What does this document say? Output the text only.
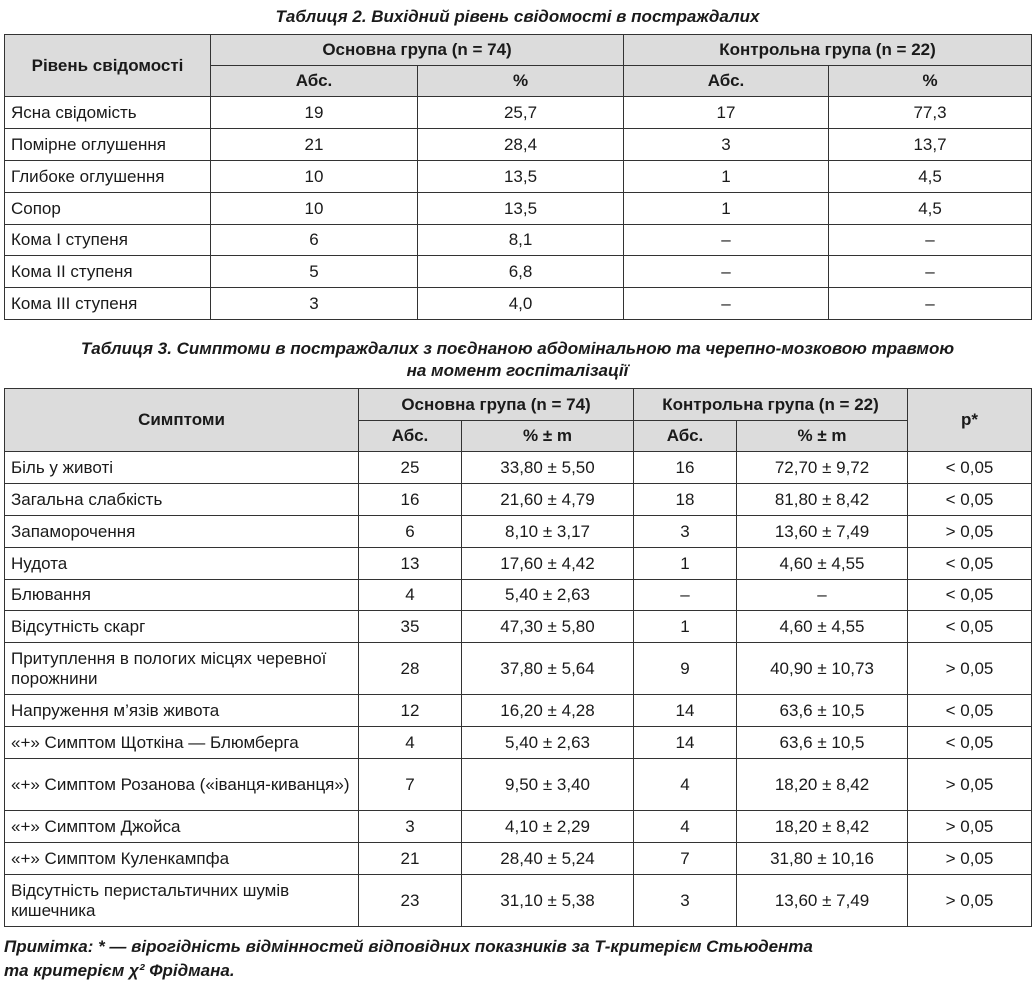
Таблиця 2. Вихідний рівень свідомості в постраждалих
Рівень свідомості	Основна група (n = 74)		Контрольна група (n = 22)	
	Абс.	%	Абс.	%
Ясна свідомість	19	25,7	17	77,3
Помірне оглушення	21	28,4	3	13,7
Глибоке оглушення	10	13,5	1	4,5
Сопор	10	13,5	1	4,5
Кома І ступеня	6	8,1	–	–
Кома ІІ ступеня	5	6,8	–	–
Кома ІІІ ступеня	3	4,0	–	–
Таблиця 3. Симптоми в постраждалих з поєднаною абдомінальною та черепно-мозковою травмою
на момент госпіталізації
Симптоми	Основна група (n = 74)		Контрольна група (n = 22)		p*
	Абс.	% ± m	Абс.	% ± m	
Біль у животі	25	33,80 ± 5,50	16	72,70 ± 9,72	< 0,05
Загальна слабкість	16	21,60 ± 4,79	18	81,80 ± 8,42	< 0,05
Запаморочення	6	8,10 ± 3,17	3	13,60 ± 7,49	> 0,05
Нудота	13	17,60 ± 4,42	1	4,60 ± 4,55	< 0,05
Блювання	4	5,40 ± 2,63	–	–	< 0,05
Відсутність скарг	35	47,30 ± 5,80	1	4,60 ± 4,55	< 0,05
Притуплення в пологих місцях черевної порожнини	28	37,80 ± 5,64	9	40,90 ± 10,73	> 0,05
Напруження м’язів живота	12	16,20 ± 4,28	14	63,6 ± 10,5	< 0,05
«+» Симптом Щоткіна — Блюмберга	4	5,40 ± 2,63	14	63,6 ± 10,5	< 0,05
«+» Симптом Розанова («іванця-киванця»)	7	9,50 ± 3,40	4	18,20 ± 8,42	> 0,05
«+» Симптом Джойса	3	4,10 ± 2,29	4	18,20 ± 8,42	> 0,05
«+» Симптом Куленкампфа	21	28,40 ± 5,24	7	31,80 ± 10,16	> 0,05
Відсутність перистальтичних шумів кишечника	23	31,10 ± 5,38	3	13,60 ± 7,49	> 0,05
Примітка: * — вірогідність відмінностей відповідних показників за Т-критерієм Стьюдента
та критерієм χ² Фрідмана.
